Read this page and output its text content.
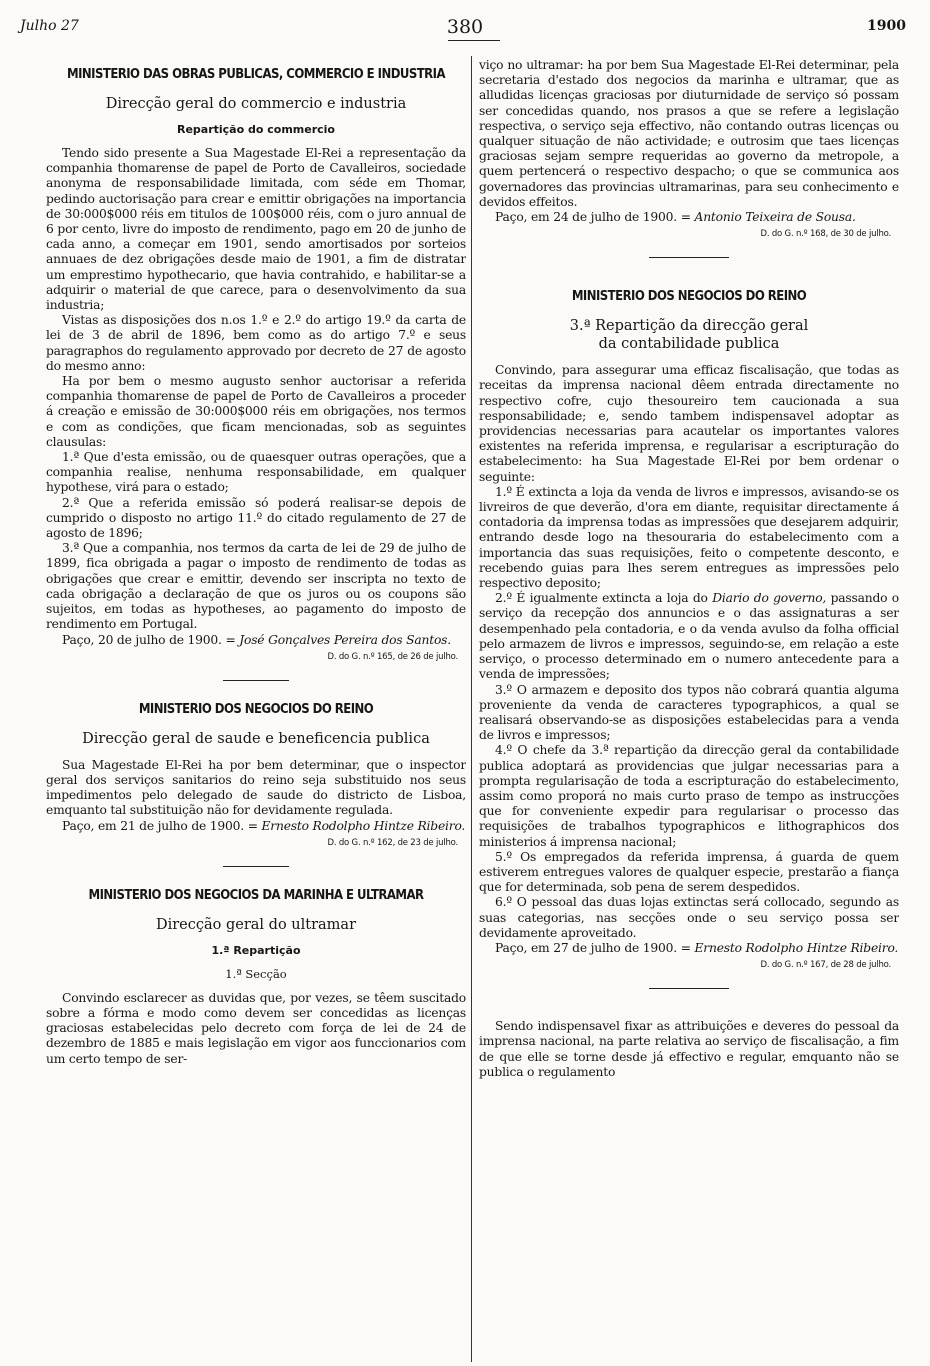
Julho 27	380	1900
MINISTERIO DAS OBRAS PUBLICAS, COMMERCIO E INDUSTRIA
Direcção geral do commercio e industria
Repartição do commercio

Tendo sido presente a Sua Magestade El-Rei a representação da companhia thomarense de papel de Porto de Cavalleiros, sociedade anonyma de responsabilidade limitada, com séde em Thomar, pedindo auctorisação para crear e emittir obrigações na importancia de 30:000$000 réis em titulos de 100$000 réis, com o juro annual de 6 por cento, livre do imposto de rendimento, pago em 20 de junho de cada anno, a começar em 1901, sendo amortisados por sorteios annuaes de dez obrigações desde maio de 1901, a fim de distratar um emprestimo hypothecario, que havia contrahido, e habilitar-se a adquirir o material de que carece, para o desenvolvimento da sua industria;

Vistas as disposições dos n.os 1.º e 2.º do artigo 19.º da carta de lei de 3 de abril de 1896, bem como as do artigo 7.º e seus paragraphos do regulamento approvado por decreto de 27 de agosto do mesmo anno:

Ha por bem o mesmo augusto senhor auctorisar a referida companhia thomarense de papel de Porto de Cavalleiros a proceder á creação e emissão de 30:000$000 réis em obrigações, nos termos e com as condições, que ficam mencionadas, sob as seguintes clausulas:

1.ª Que d'esta emissão, ou de quaesquer outras operações, que a companhia realise, nenhuma responsabilidade, em qualquer hypothese, virá para o estado;

2.ª Que a referida emissão só poderá realisar-se depois de cumprido o disposto no artigo 11.º do citado regulamento de 27 de agosto de 1896;

3.ª Que a companhia, nos termos da carta de lei de 29 de julho de 1899, fica obrigada a pagar o imposto de rendimento de todas as obrigações que crear e emittir, devendo ser inscripta no texto de cada obrigação a declaração de que os juros ou os coupons são sujeitos, em todas as hypotheses, ao pagamento do imposto de rendimento em Portugal.

Paço, 20 de julho de 1900. = José Gonçalves Pereira dos Santos.

D. do G. n.º 165, de 26 de julho.
MINISTERIO DOS NEGOCIOS DO REINO
Direcção geral de saude e beneficencia publica

Sua Magestade El-Rei ha por bem determinar, que o inspector geral dos serviços sanitarios do reino seja substituido nos seus impedimentos pelo delegado de saude do districto de Lisboa, emquanto tal substituição não for devidamente regulada.

Paço, em 21 de julho de 1900. = Ernesto Rodolpho Hintze Ribeiro.

D. do G. n.º 162, de 23 de julho.
MINISTERIO DOS NEGOCIOS DA MARINHA E ULTRAMAR
Direcção geral do ultramar
1.ª Repartição
1.ª Secção

Convindo esclarecer as duvidas que, por vezes, se têem suscitado sobre a fórma e modo como devem ser concedidas as licenças graciosas estabelecidas pelo decreto com força de lei de 24 de dezembro de 1885 e mais legislação em vigor aos funccionarios com um certo tempo de ser-

viço no ultramar: ha por bem Sua Magestade El-Rei determinar, pela secretaria d'estado dos negocios da marinha e ultramar, que as alludidas licenças graciosas por diuturnidade de serviço só possam ser concedidas quando, nos prasos a que se refere a legislação respectiva, o serviço seja effectivo, não contando outras licenças ou qualquer situação de não actividade; e outrosim que taes licenças graciosas sejam sempre requeridas ao governo da metropole, a quem pertencerá o respectivo despacho; o que se communica aos governadores das provincias ultramarinas, para seu conhecimento e devidos effeitos.

Paço, em 24 de julho de 1900. = Antonio Teixeira de Sousa.

D. do G. n.º 168, de 30 de julho.
MINISTERIO DOS NEGOCIOS DO REINO
3.ª Repartição da direcção geral
da contabilidade publica

Convindo, para assegurar uma efficaz fiscalisação, que todas as receitas da imprensa nacional dêem entrada directamente no respectivo cofre, cujo thesoureiro tem caucionada a sua responsabilidade; e, sendo tambem indispensavel adoptar as providencias necessarias para acautelar os importantes valores existentes na referida imprensa, e regularisar a escripturação do estabelecimento: ha Sua Magestade El-Rei por bem ordenar o seguinte:

1.º É extincta a loja da venda de livros e impressos, avisando-se os livreiros de que deverão, d'ora em diante, requisitar directamente á contadoria da imprensa todas as impressões que desejarem adquirir, entrando desde logo na thesouraria do estabelecimento com a importancia das suas requisições, feito o competente desconto, e recebendo guias para lhes serem entregues as impressões pelo respectivo deposito;

2.º É igualmente extincta a loja do Diario do governo, passando o serviço da recepção dos annuncios e o das assignaturas a ser desempenhado pela contadoria, e o da venda avulso da folha official pelo armazem de livros e impressos, seguindo-se, em relação a este serviço, o processo determinado em o numero antecedente para a venda de impressões;

3.º O armazem e deposito dos typos não cobrará quantia alguma proveniente da venda de caracteres typographicos, a qual se realisará observando-se as disposições estabelecidas para a venda de livros e impressos;

4.º O chefe da 3.ª repartição da direcção geral da contabilidade publica adoptará as providencias que julgar necessarias para a prompta regularisação de toda a escripturação do estabelecimento, assim como proporá no mais curto praso de tempo as instrucções que for conveniente expedir para regularisar o processo das requisições de trabalhos typographicos e lithographicos dos ministerios á imprensa nacional;

5.º Os empregados da referida imprensa, á guarda de quem estiverem entregues valores de qualquer especie, prestarão a fiança que for determinada, sob pena de serem despedidos.

6.º O pessoal das duas lojas extinctas será collocado, segundo as suas categorias, nas secções onde o seu serviço possa ser devidamente aproveitado.

Paço, em 27 de julho de 1900. = Ernesto Rodolpho Hintze Ribeiro.

D. do G. n.º 167, de 28 de julho.

Sendo indispensavel fixar as attribuições e deveres do pessoal da imprensa nacional, na parte relativa ao serviço de fiscalisação, a fim de que elle se torne desde já effectivo e regular, emquanto não se publica o regulamento
